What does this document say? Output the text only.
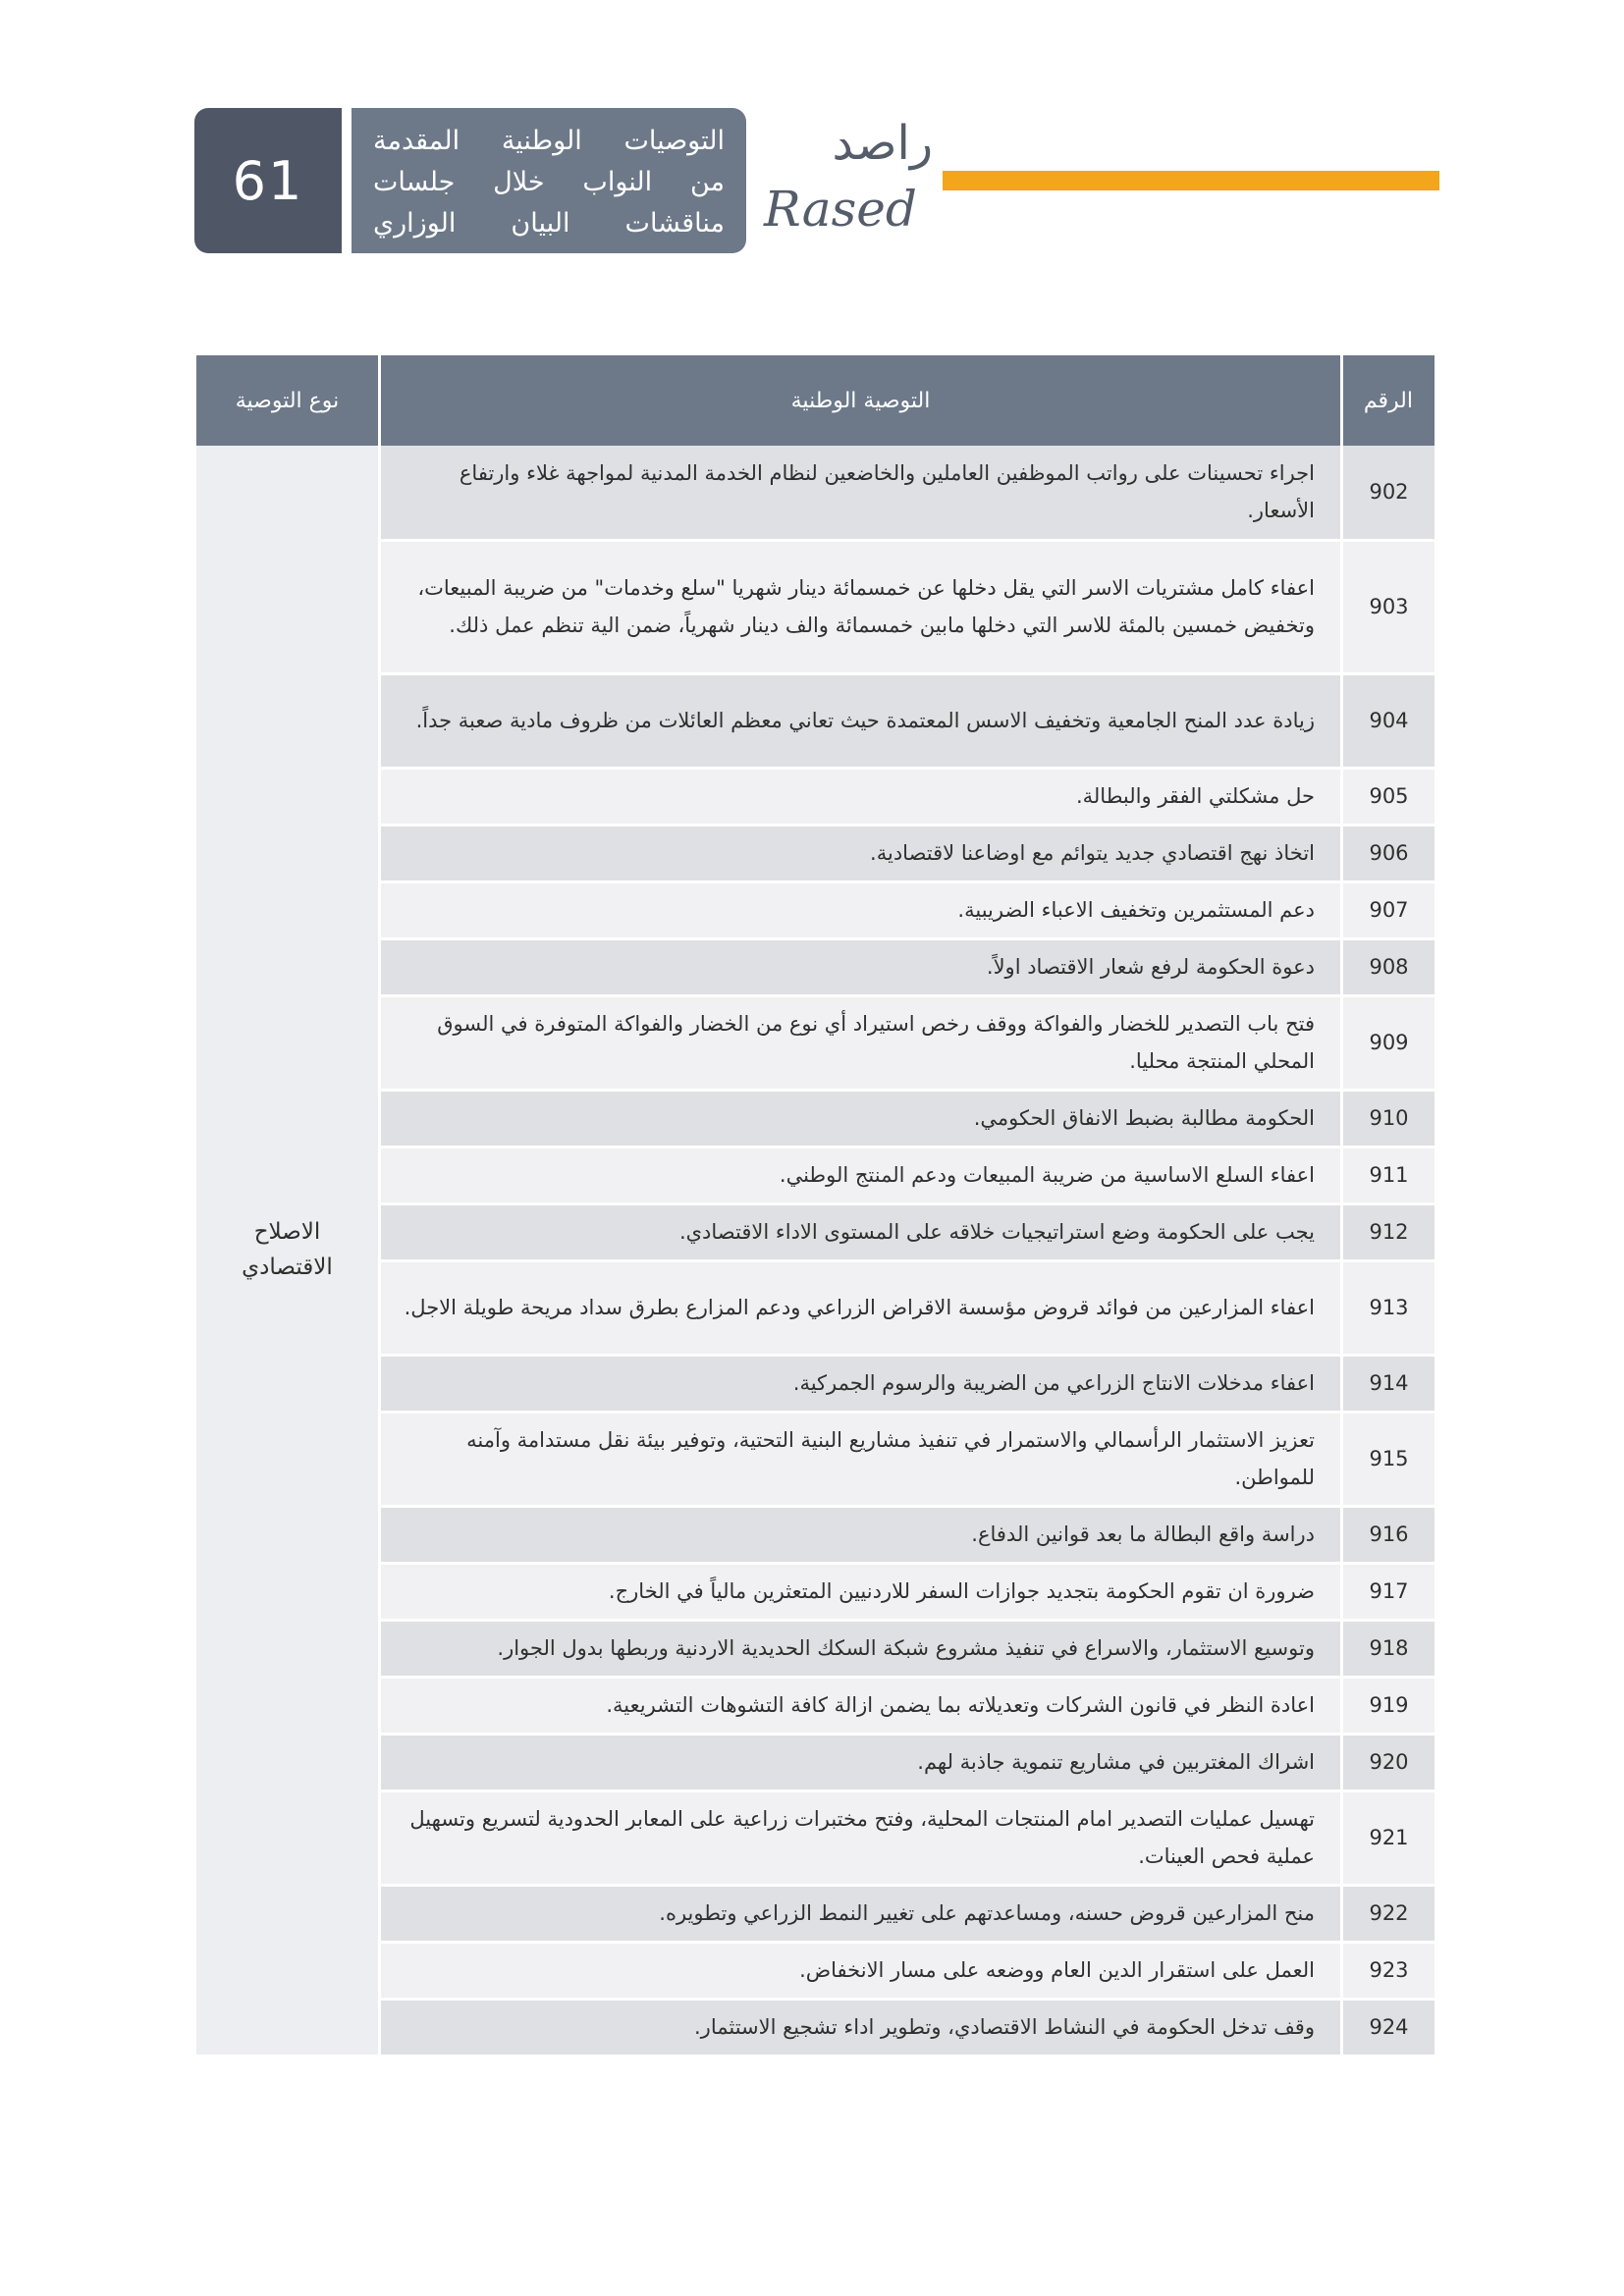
61
التوصيات الوطنية المقدمة
من النواب خلال جلسات
مناقشات البيان الوزاري
راصد
Rased
الرقم	التوصية الوطنية	نوع التوصية
902	اجراء تحسينات على رواتب الموظفين العاملين والخاضعين لنظام الخدمة المدنية لمواجهة غلاء وارتفاع الأسعار.	الاصلاح الاقتصادي
903	اعفاء كامل مشتريات الاسر التي يقل دخلها عن خمسمائة دينار شهريا "سلع وخدمات" من ضريبة المبيعات، وتخفيض خمسين بالمئة للاسر التي دخلها مابين خمسمائة والف دينار شهرياً، ضمن الية تنظم عمل ذلك.	
904	زيادة عدد المنح الجامعية وتخفيف الاسس المعتمدة حيث تعاني معظم العائلات من ظروف مادية صعبة جداً.	
905	حل مشكلتي الفقر والبطالة.	
906	اتخاذ نهج اقتصادي جديد يتوائم مع اوضاعنا لاقتصادية.	
907	دعم المستثمرين وتخفيف الاعباء الضريبية.	
908	دعوة الحكومة لرفع شعار الاقتصاد اولاً.	
909	فتح باب التصدير للخضار والفواكة ووقف رخص استيراد أي نوع من الخضار والفواكة المتوفرة في السوق المحلي المنتجة محليا.	
910	الحكومة مطالبة بضبط الانفاق الحكومي.	
911	اعفاء السلع الاساسية من ضريبة المبيعات ودعم المنتج الوطني.	
912	يجب على الحكومة وضع استراتيجيات خلاقه على المستوى الاداء الاقتصادي.	
913	اعفاء المزارعين من فوائد قروض مؤسسة الاقراض الزراعي ودعم المزارع بطرق سداد مريحة طويلة الاجل.	
914	اعفاء مدخلات الانتاج الزراعي من الضريبة والرسوم الجمركية.	
915	تعزيز الاستثمار الرأسمالي والاستمرار في تنفيذ مشاريع البنية التحتية، وتوفير بيئة نقل مستدامة وآمنه للمواطن.	
916	دراسة واقع البطالة ما بعد قوانين الدفاع.	
917	ضرورة ان تقوم الحكومة بتجديد جوازات السفر للاردنيين المتعثرين مالياً في الخارج.	
918	وتوسيع الاستثمار، والاسراع في تنفيذ مشروع شبكة السكك الحديدية الاردنية وربطها بدول الجوار.	
919	اعادة النظر في قانون الشركات وتعديلاته بما يضمن ازالة كافة التشوهات التشريعية.	
920	اشراك المغتربين في مشاريع تنموية جاذبة لهم.	
921	تهسيل عمليات التصدير امام المنتجات المحلية، وفتح مختبرات زراعية على المعابر الحدودية لتسريع وتسهيل عملية فحص العينات.	
922	منح المزارعين قروض حسنه، ومساعدتهم على تغيير النمط الزراعي وتطويره.	
923	العمل على استقرار الدين العام ووضعه على مسار الانخفاض.	
924	وقف تدخل الحكومة في النشاط الاقتصادي، وتطوير اداء تشجيع الاستثمار.	
